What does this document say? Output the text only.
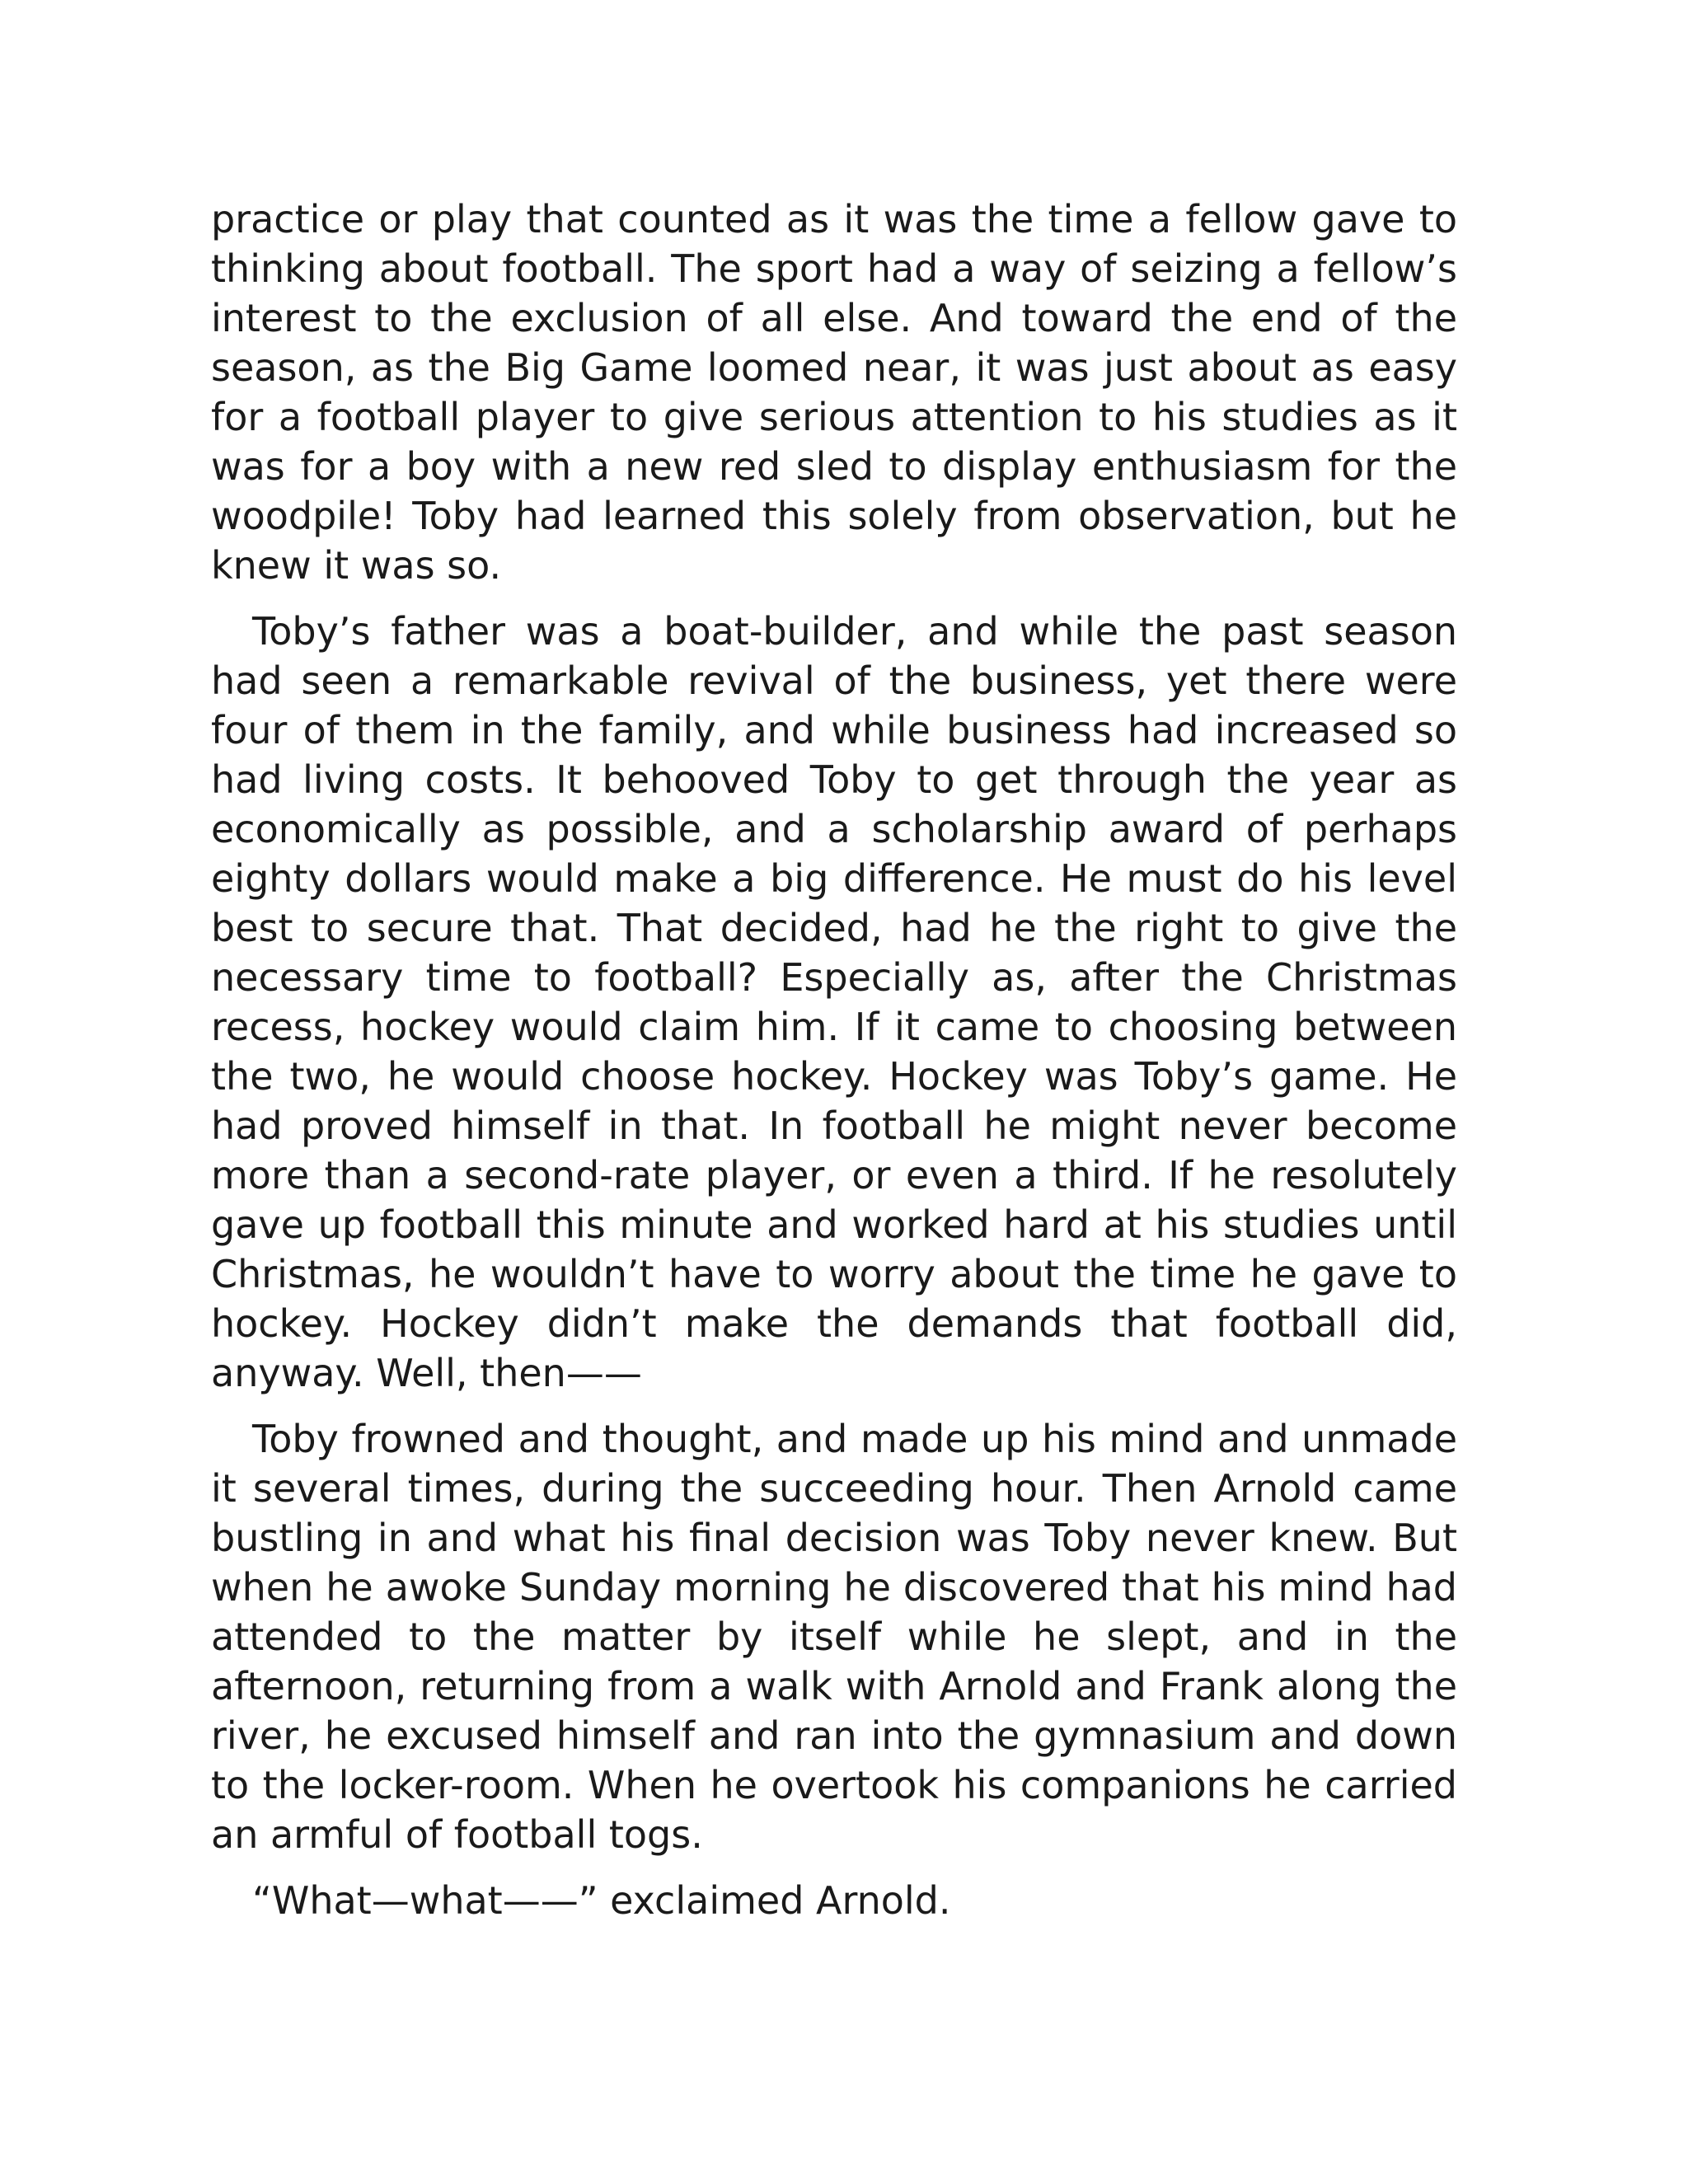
practice or play that counted as it was the time a fellow gave to thinking about football. The sport had a way of seizing a fellow’s interest to the exclusion of all else. And toward the end of the season, as the Big Game loomed near, it was just about as easy for a football player to give serious attention to his studies as it was for a boy with a new red sled to display enthusiasm for the woodpile! Toby had learned this solely from observation, but he knew it was so.

Toby’s father was a boat-builder, and while the past season had seen a remarkable revival of the business, yet there were four of them in the family, and while business had increased so had living costs. It behooved Toby to get through the year as economically as possible, and a scholarship award of perhaps eighty dollars would make a big difference. He must do his level best to secure that. That decided, had he the right to give the necessary time to football? Especially as, after the Christmas recess, hockey would claim him. If it came to choosing between the two, he would choose hockey. Hockey was Toby’s game. He had proved himself in that. In football he might never become more than a second-rate player, or even a third. If he resolutely gave up football this minute and worked hard at his studies until Christmas, he wouldn’t have to worry about the time he gave to hockey. Hockey didn’t make the demands that football did, anyway. Well, then——

Toby frowned and thought, and made up his mind and unmade it several times, during the succeeding hour. Then Arnold came bustling in and what his final decision was Toby never knew. But when he awoke Sunday morning he discovered that his mind had attended to the matter by itself while he slept, and in the afternoon, returning from a walk with Arnold and Frank along the river, he excused himself and ran into the gymnasium and down to the locker-room. When he overtook his companions he carried an armful of football togs.

“What—what——” exclaimed Arnold.
